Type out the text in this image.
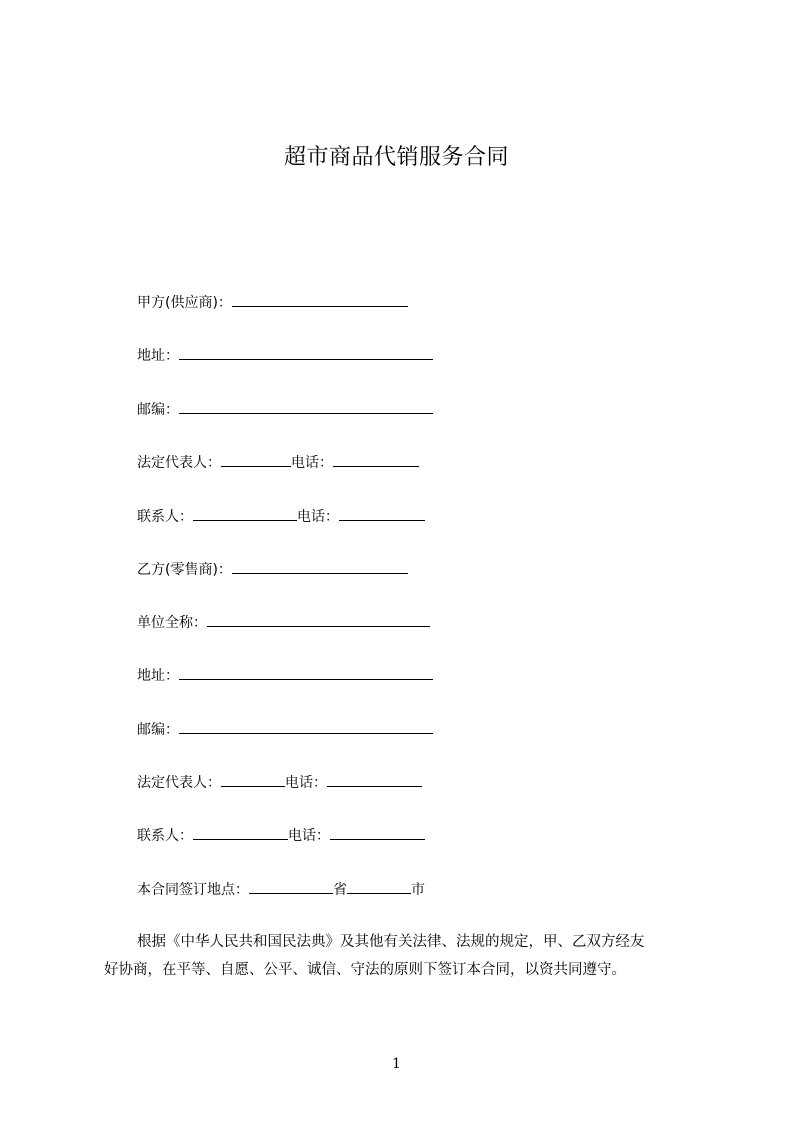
超市商品代销服务合同
甲方(供应商)：
地址：
邮编：
法定代表人：	电话：
联系人：	电话：
乙方(零售商)：
单位全称：
地址：
邮编：
法定代表人：	电话：
联系人：	电话：
本合同签订地点：	省	市

根据《中华人民共和国民法典》及其他有关法律、法规的规定，甲、乙双方经友

好协商，在平等、自愿、公平、诚信、守法的原则下签订本合同，以资共同遵守。

1
